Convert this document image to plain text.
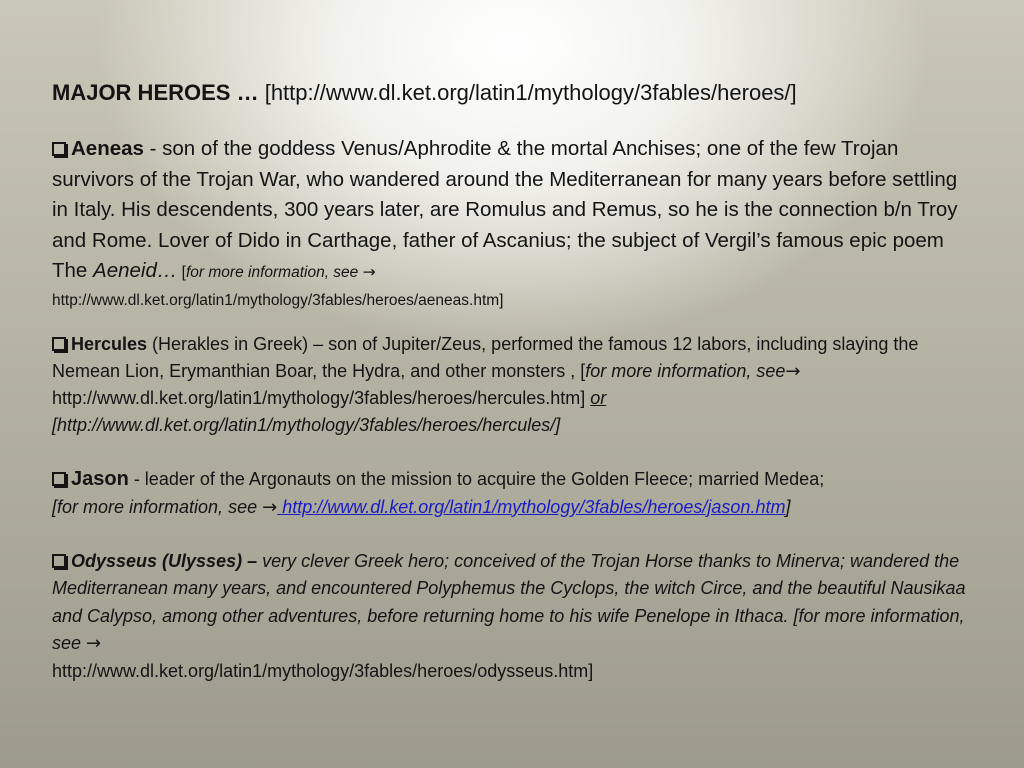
MAJOR HEROES … [http://www.dl.ket.org/latin1/mythology/3fables/heroes/]

Aeneas - son of the goddess Venus/Aphrodite & the mortal Anchises; one of the few Trojan survivors of the Trojan War, who wandered around the Mediterranean for many years before settling in Italy. His descendents, 300 years later, are Romulus and Remus, so he is the connection b/n Troy and Rome. Lover of Dido in Carthage, father of Ascanius; the subject of Vergil’s famous epic poem The Aeneid… [for more information, see →
http://www.dl.ket.org/latin1/mythology/3fables/heroes/aeneas.htm]

Hercules (Herakles in Greek) – son of Jupiter/Zeus, performed the famous 12 labors, including slaying the Nemean Lion, Erymanthian Boar, the Hydra, and other monsters , [for more information, see→ http://www.dl.ket.org/latin1/mythology/3fables/heroes/hercules.htm] or
[http://www.dl.ket.org/latin1/mythology/3fables/heroes/hercules/]

Jason - leader of the Argonauts on the mission to acquire the Golden Fleece; married Medea;
[for more information, see → http://www.dl.ket.org/latin1/mythology/3fables/heroes/jason.htm]

Odysseus (Ulysses) – very clever Greek hero; conceived of the Trojan Horse thanks to Minerva; wandered the Mediterranean many years, and encountered Polyphemus the Cyclops, the witch Circe, and the beautiful Nausikaa and Calypso, among other adventures, before returning home to his wife Penelope in Ithaca. [for more information, see →
http://www.dl.ket.org/latin1/mythology/3fables/heroes/odysseus.htm]
